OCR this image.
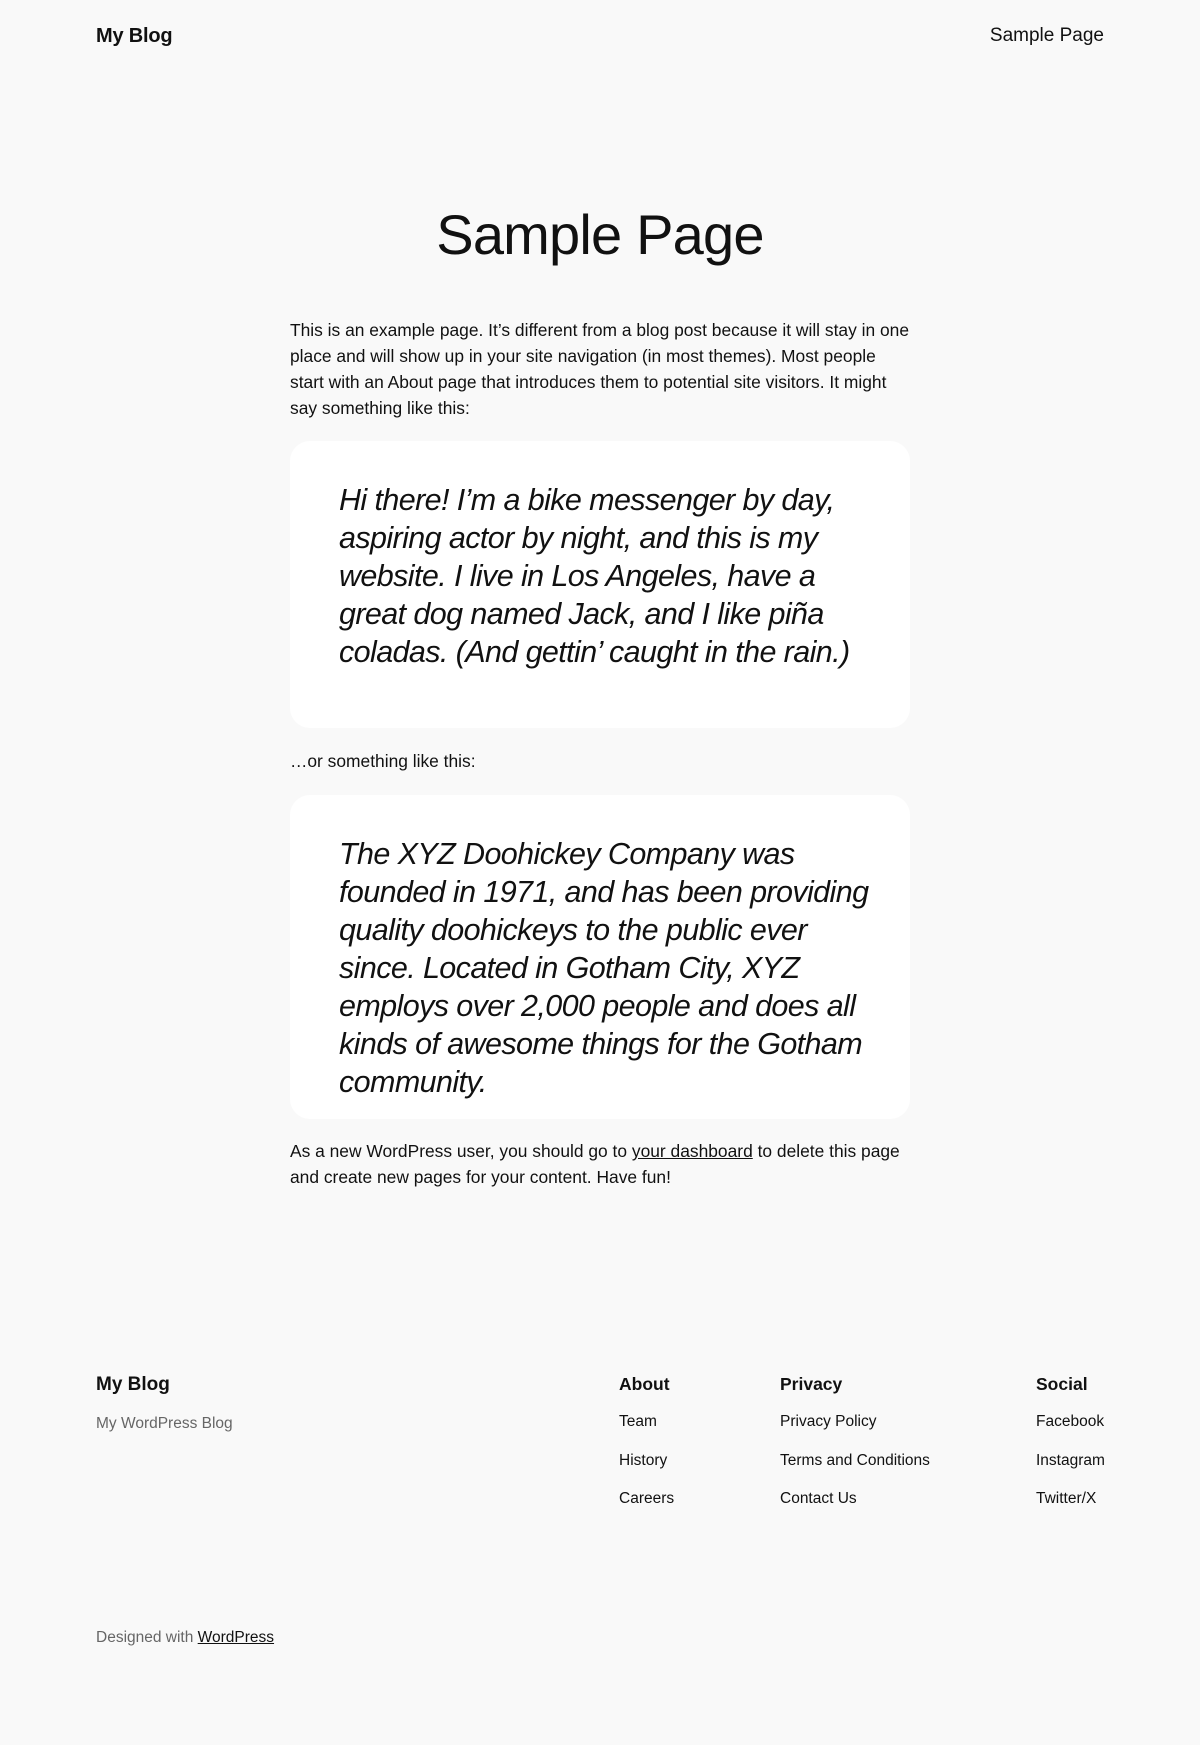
My Blog	Sample Page
Sample Page

This is an example page. It’s different from a blog post because it will stay in one place and will show up in your site navigation (in most themes). Most people start with an About page that introduces them to potential site visitors. It might say something like this:

Hi there! I’m a bike messenger by day, aspiring actor by night, and this is my website. I live in Los Angeles, have a great dog named Jack, and I like piña coladas. (And gettin’ caught in the rain.)

…or something like this:

The XYZ Doohickey Company was founded in 1971, and has been providing quality doohickeys to the public ever since. Located in Gotham City, XYZ employs over 2,000 people and does all kinds of awesome things for the Gotham community.

As a new WordPress user, you should go to your dashboard to delete this page and create new pages for your content. Have fun!

My Blog
My WordPress Blog
About
Team
History
Careers
Privacy
Privacy Policy
Terms and Conditions
Contact Us
Social
Facebook
Instagram
Twitter/X
Designed with WordPress
